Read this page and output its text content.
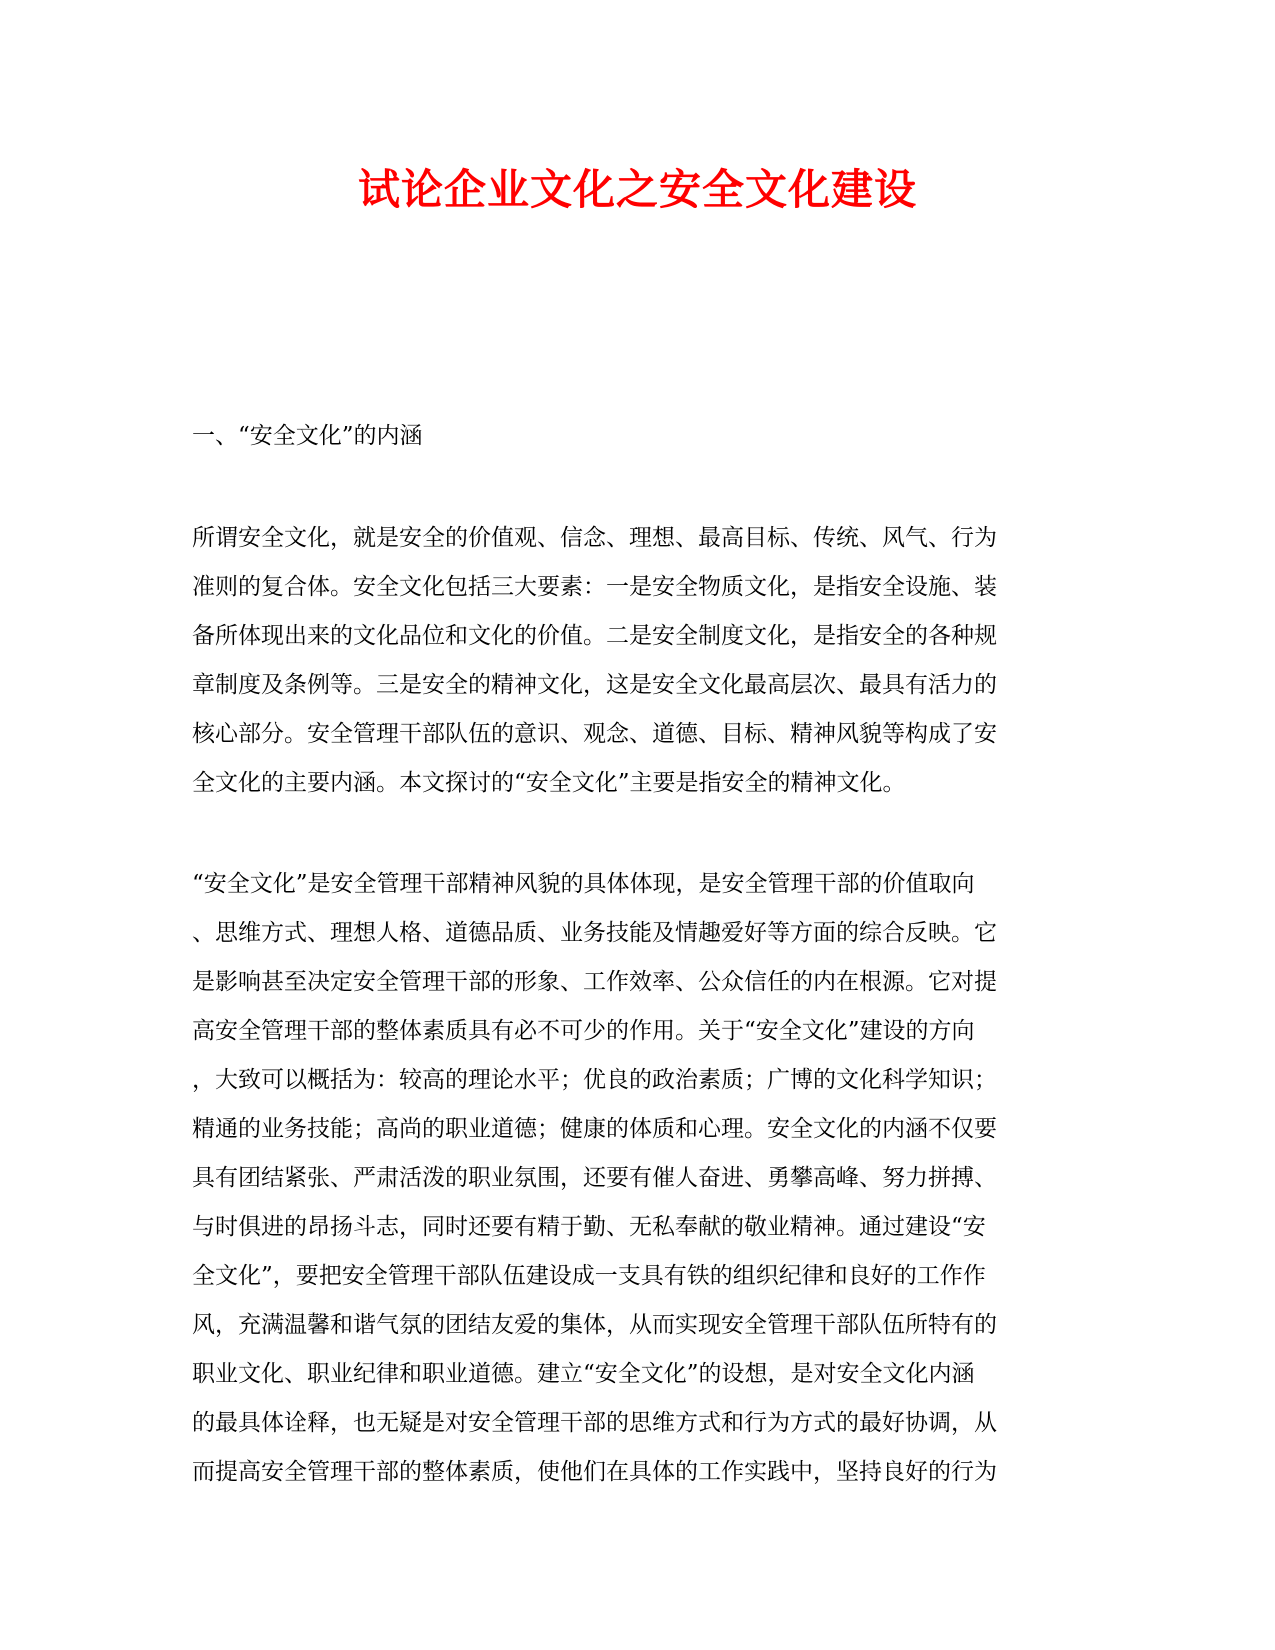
试论企业文化之安全文化建设
一、“安全文化”的内涵
所谓安全文化，就是安全的价值观、信念、理想、最高目标、传统、风气、行为
准则的复合体。安全文化包括三大要素：一是安全物质文化，是指安全设施、装
备所体现出来的文化品位和文化的价值。二是安全制度文化，是指安全的各种规
章制度及条例等。三是安全的精神文化，这是安全文化最高层次、最具有活力的
核心部分。安全管理干部队伍的意识、观念、道德、目标、精神风貌等构成了安
全文化的主要内涵。本文探讨的“安全文化”主要是指安全的精神文化。
“安全文化”是安全管理干部精神风貌的具体体现，是安全管理干部的价值取向
、思维方式、理想人格、道德品质、业务技能及情趣爱好等方面的综合反映。它
是影响甚至决定安全管理干部的形象、工作效率、公众信任的内在根源。它对提
高安全管理干部的整体素质具有必不可少的作用。关于“安全文化”建设的方向
，大致可以概括为：较高的理论水平；优良的政治素质；广博的文化科学知识；
精通的业务技能；高尚的职业道德；健康的体质和心理。安全文化的内涵不仅要
具有团结紧张、严肃活泼的职业氛围，还要有催人奋进、勇攀高峰、努力拼搏、
与时俱进的昂扬斗志，同时还要有精于勤、无私奉献的敬业精神。通过建设“安
全文化”，要把安全管理干部队伍建设成一支具有铁的组织纪律和良好的工作作
风，充满温馨和谐气氛的团结友爱的集体，从而实现安全管理干部队伍所特有的
职业文化、职业纪律和职业道德。建立“安全文化”的设想，是对安全文化内涵
的最具体诠释，也无疑是对安全管理干部的思维方式和行为方式的最好协调，从
而提高安全管理干部的整体素质，使他们在具体的工作实践中，坚持良好的行为
